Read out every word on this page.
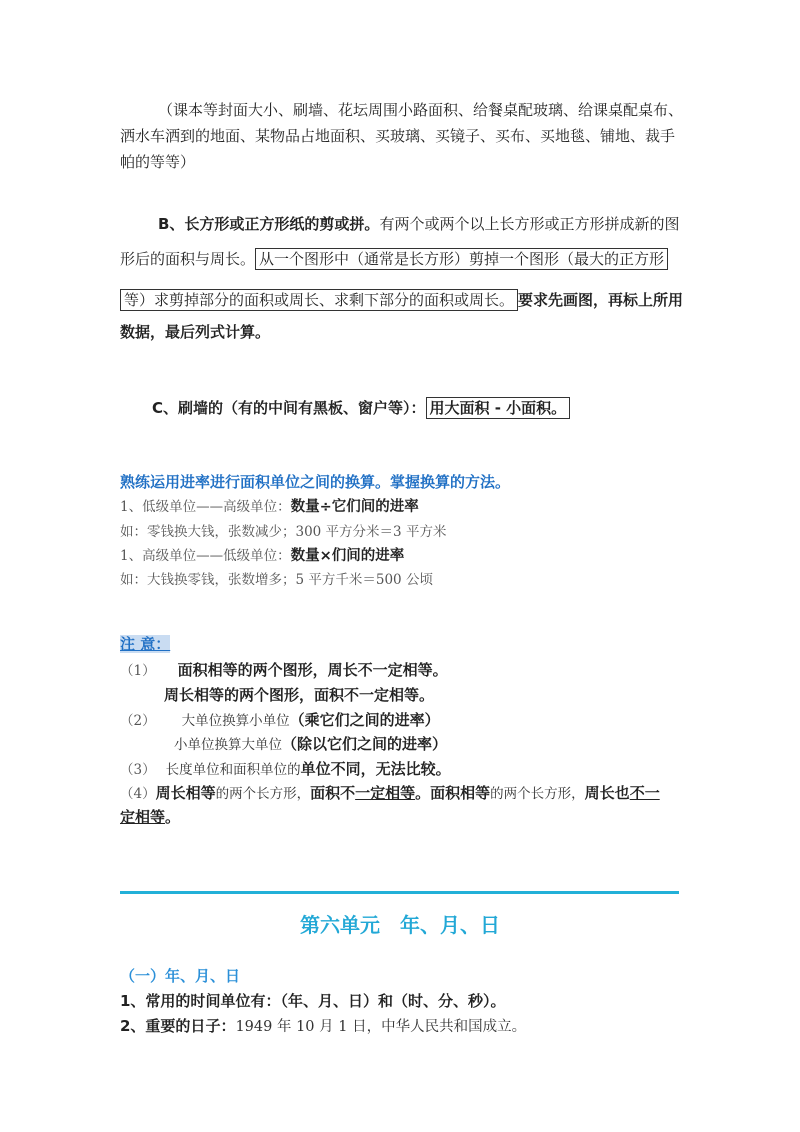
（课本等封面大小、刷墙、花坛周围小路面积、给餐桌配玻璃、给课桌配桌布、
洒水车洒到的地面、某物品占地面积、买玻璃、买镜子、买布、买地毯、铺地、裁手
帕的等等）
B、长方形或正方形纸的剪或拼。有两个或两个以上长方形或正方形拼成新的图
形后的面积与周长。 从一个图形中（通常是长方形）剪掉一个图形（最大的正方形
等）求剪掉部分的面积或周长、求剩下部分的面积或周长。 要求先画图，再标上所用
数据，最后列式计算。
C、刷墙的（有的中间有黑板、窗户等）： 用大面积 - 小面积。
熟练运用进率进行面积单位之间的换算。掌握换算的方法。
1、低级单位——高级单位：数量÷它们间的进率
如：零钱换大钱，张数减少；300 平方分米＝3 平方米
1、高级单位——低级单位：数量×们间的进率
如：大钱换零钱，张数增多；5 平方千米＝500 公顷
注 意：
（1） 面积相等的两个图形，周长不一定相等。
周长相等的两个图形，面积不一定相等。
（2） 大单位换算小单位（乘它们之间的进率）
小单位换算大单位（除以它们之间的进率）
（3） 长度单位和面积单位的单位不同，无法比较。
（4）周长相等的两个长方形，面积不一定相等。面积相等的两个长方形，周长也不一
定相等。
第六单元　年、月、日
（一）年、月、日
1、常用的时间单位有：（年、月、日）和（时、分、秒）。
2、重要的日子：1949 年 10 月 1 日，中华人民共和国成立。
